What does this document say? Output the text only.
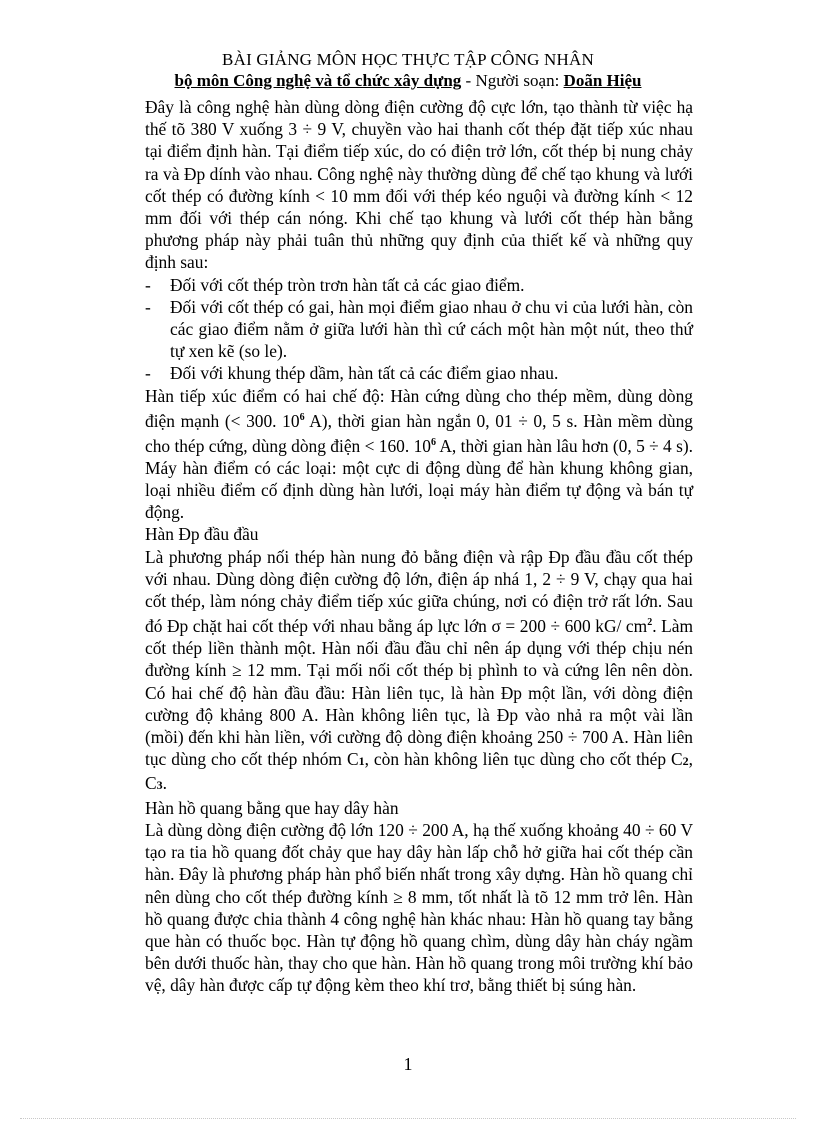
BÀI GIẢNG MÔN HỌC THỰC TẬP CÔNG NHÂN
bộ môn Công nghệ và tổ chức xây dựng - Người soạn: Doãn Hiệu

Đây là công nghệ hàn dùng dòng điện cường độ cực lớn, tạo thành từ việc hạ thế tõ 380 V xuống 3 ÷ 9 V, chuyền vào hai thanh cốt thép đặt tiếp xúc nhau tại điểm định hàn. Tại điểm tiếp xúc, do có điện trở lớn, cốt thép bị nung chảy ra và Đp dính vào nhau. Công nghệ này thường dùng để chế tạo khung và lưới cốt thép có đường kính < 10 mm đối với thép kéo nguội và đường kính < 12 mm đối với thép cán nóng. Khi chế tạo khung và lưới cốt thép hàn bằng phương pháp này phải tuân thủ những quy định của thiết kế và những quy định sau:

-	Đối với cốt thép tròn trơn hàn tất cả các giao điểm.
-	Đối với cốt thép có gai, hàn mọi điểm giao nhau ở chu vi của lưới hàn, còn các giao điểm nằm ở giữa lưới hàn thì cứ cách một hàn một nút, theo thứ tự xen kẽ (so le).
-	Đối với khung thép dầm, hàn tất cả các điểm giao nhau.

Hàn tiếp xúc điểm có hai chế độ: Hàn cứng dùng cho thép mềm, dùng dòng điện mạnh (< 300. $10^6$ A), thời gian hàn ngắn 0, 01 ÷ 0, 5 s. Hàn mềm dùng cho thép cứng, dùng dòng điện < 160. $10^6$ A, thời gian hàn lâu hơn (0, 5 ÷ 4 s). Máy hàn điểm có các loại: một cực di động dùng để hàn khung không gian, loại nhiều điểm cố định dùng hàn lưới, loại máy hàn điểm tự động và bán tự động.

Hàn Đp đầu đầu

Là phương pháp nối thép hàn nung đỏ bằng điện và rập Đp đầu đầu cốt thép với nhau. Dùng dòng điện cường độ lớn, điện áp nhá 1, 2 ÷ 9 V, chạy qua hai cốt thép, làm nóng chảy điểm tiếp xúc giữa chúng, nơi có điện trở rất lớn. Sau đó Đp chặt hai cốt thép với nhau bằng áp lực lớn σ = 200 ÷ 600 kG/ $cm^2$. Làm cốt thép liền thành một. Hàn nối đầu đầu chỉ nên áp dụng với thép chịu nén đường kính ≥ 12 mm. Tại mối nối cốt thép bị phình to và cứng lên nên dòn. Có hai chế độ hàn đầu đầu: Hàn liên tục, là hàn Đp một lần, với dòng điện cường độ khảng 800 A. Hàn không liên tục, là Đp vào nhả ra một vài lần (mồi) đến khi hàn liền, với cường độ dòng điện khoảng 250 ÷ 700 A. Hàn liên tục dùng cho cốt thép nhóm C1, còn hàn không liên tục dùng cho cốt thép C2, C3.

Hàn hồ quang bằng que hay dây hàn

Là dùng dòng điện cường độ lớn 120 ÷ 200 A, hạ thế xuống khoảng 40 ÷ 60 V tạo ra tia hồ quang đốt chảy que hay dây hàn lấp chỗ hở giữa hai cốt thép cần hàn. Đây là phương pháp hàn phổ biến nhất trong xây dựng. Hàn hồ quang chỉ nên dùng cho cốt thép đường kính ≥ 8 mm, tốt nhất là tõ 12 mm trở lên. Hàn hồ quang được chia thành 4 công nghệ hàn khác nhau: Hàn hồ quang tay bằng que hàn có thuốc bọc. Hàn tự động hồ quang chìm, dùng dây hàn cháy ngầm bên dưới thuốc hàn, thay cho que hàn. Hàn hồ quang trong môi trường khí bảo vệ, dây hàn được cấp tự động kèm theo khí trơ, bằng thiết bị súng hàn.

1
